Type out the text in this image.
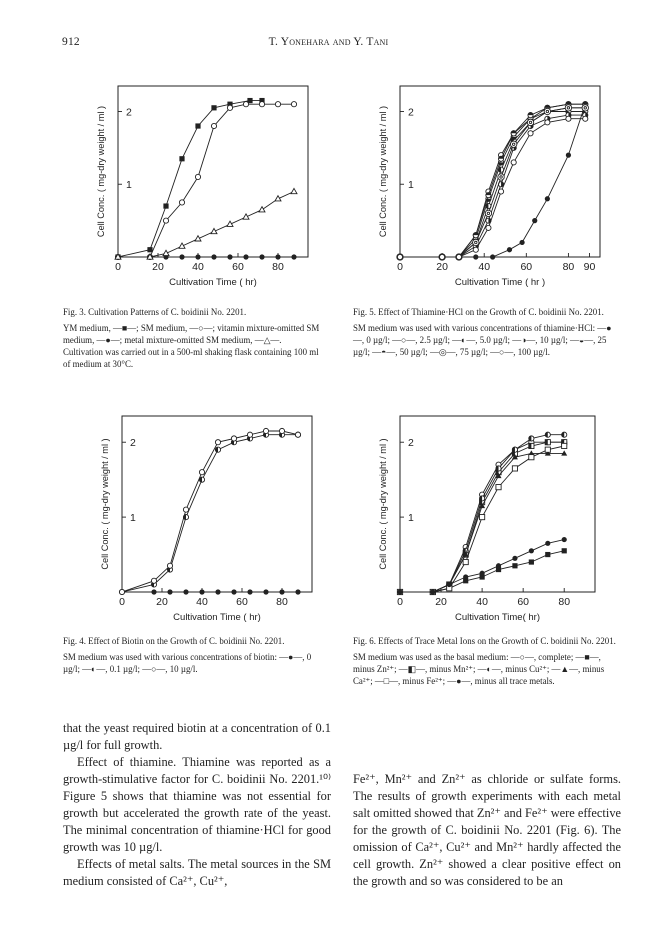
912	T. Yonehara and Y. Tani
0	20	40	60	80
1
2
Cultivation Time ( hr)
Cell Conc. ( mg-dry weight / ml )

Fig. 3. Cultivation Patterns of C. boidinii No. 2201.

YM medium, —■—; SM medium, —○—; vitamin mixture-omitted SM medium, —●—; metal mixture-omitted SM medium, —△—.

Cultivation was carried out in a 500-ml shaking flask containing 100 ml of medium at 30°C.

0	20	40	60	80 90
1
2
Cultivation Time ( hr )
Cell Conc. ( mg-dry weight / ml )

Fig. 5. Effect of Thiamine·HCl on the Growth of C. boidinii No. 2201.

SM medium was used with various concentrations of thiamine·HCl: —●—, 0 µg/l; —○—, 2.5 µg/l; —◐—, 5.0 µg/l; —◑—, 10 µg/l; —◒—, 25 µg/l; —◓—, 50 µg/l; —◎—, 75 µg/l; —○—, 100 µg/l.

0	20	40	60	80
1
2
Cultivation Time ( hr)
Cell Conc. ( mg-dry weight / ml )

Fig. 4. Effect of Biotin on the Growth of C. boidinii No. 2201.

SM medium was used with various concentrations of biotin: —●—, 0 µg/l; —◐—, 0.1 µg/l; —○—, 10 µg/l.

0	20	40	60	80
1
2
Cultivation Time( hr)
Cell Conc. ( mg-dry weight / ml )

Fig. 6. Effects of Trace Metal Ions on the Growth of C. boidinii No. 2201.

SM medium was used as the basal medium: —○—, complete; —■—, minus Zn²⁺; —◧—, minus Mn²⁺; —◐—, minus Cu²⁺; —▲—, minus Ca²⁺; —□—, minus Fe²⁺; —●—, minus all trace metals.

that the yeast required biotin at a concentration of 0.1 µg/l for full growth.

Effect of thiamine. Thiamine was reported as a growth-stimulative factor for C. boidinii No. 2201.¹⁰⁾ Figure 5 shows that thiamine was not essential for growth but accelerated the growth rate of the yeast. The minimal concentration of thiamine·HCl for good growth was 10 µg/l.

Effects of metal salts. The metal sources in the SM medium consisted of Ca²⁺, Cu²⁺,

Fe²⁺, Mn²⁺ and Zn²⁺ as chloride or sulfate forms. The results of growth experiments with each metal salt omitted showed that Zn²⁺ and Fe²⁺ were effective for the growth of C. boidinii No. 2201 (Fig. 6). The omission of Ca²⁺, Cu²⁺ and Mn²⁺ hardly affected the cell growth. Zn²⁺ showed a clear positive effect on the growth and so was considered to be an
